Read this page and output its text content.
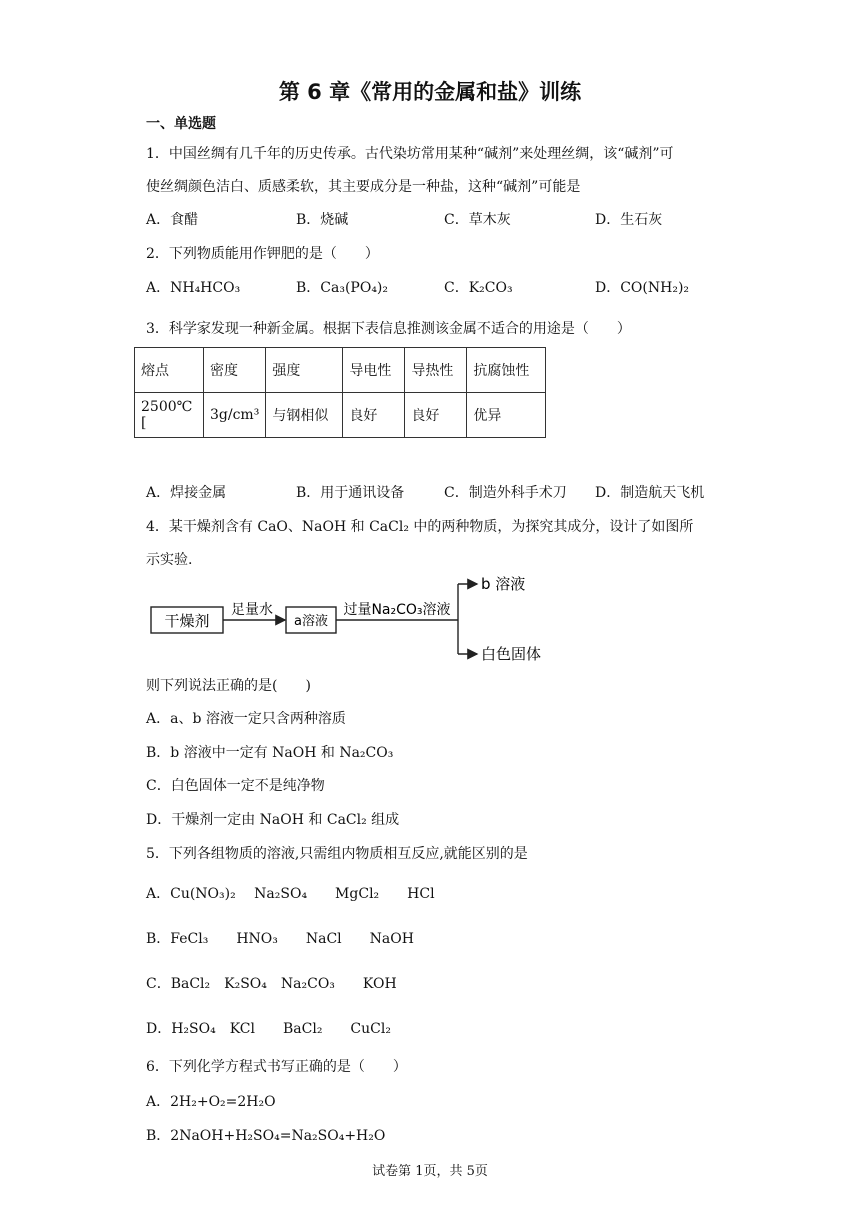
第 6 章《常用的金属和盐》训练
一、单选题
1．中国丝绸有几千年的历史传承。古代染坊常用某种“碱剂”来处理丝绸，该“碱剂”可
使丝绸颜色洁白、质感柔软，其主要成分是一种盐，这种“碱剂”可能是
A．食醋	B．烧碱	C．草木灰	D．生石灰
2．下列物质能用作钾肥的是（　　）
A．NH₄HCO₃	B．Ca₃(PO₄)₂	C．K₂CO₃	D．CO(NH₂)₂
3．科学家发现一种新金属。根据下表信息推测该金属不适合的用途是（　　）
熔点	密度	强度	导电性	导热性	抗腐蚀性
2500℃[	3g/cm³	与钢相似	良好	良好	优异
A．焊接金属	B．用于通讯设备	C．制造外科手术刀 D．制造航天飞机
4．某干燥剂含有 CaO、NaOH 和 CaCl₂ 中的两种物质，为探究其成分，设计了如图所
示实验.
干燥剂
足量水
a溶液
过量Na₂CO₃溶液
b 溶液
白色固体
则下列说法正确的是(　　)
A．a、b 溶液一定只含两种溶质
B．b 溶液中一定有 NaOH 和 Na₂CO₃
C．白色固体一定不是纯净物
D．干燥剂一定由 NaOH 和 CaCl₂ 组成
5．下列各组物质的溶液,只需组内物质相互反应,就能区别的是
A．Cu(NO₃)₂　 Na₂SO₄　　MgCl₂　　HCl
B．FeCl₃　　HNO₃　　NaCl　　NaOH
C．BaCl₂　K₂SO₄　Na₂CO₃　　KOH
D．H₂SO₄　KCl　　BaCl₂　　CuCl₂
6．下列化学方程式书写正确的是（　　）
A．2H₂+O₂=2H₂O
B．2NaOH+H₂SO₄=Na₂SO₄+H₂O
试卷第 1页，共 5页
